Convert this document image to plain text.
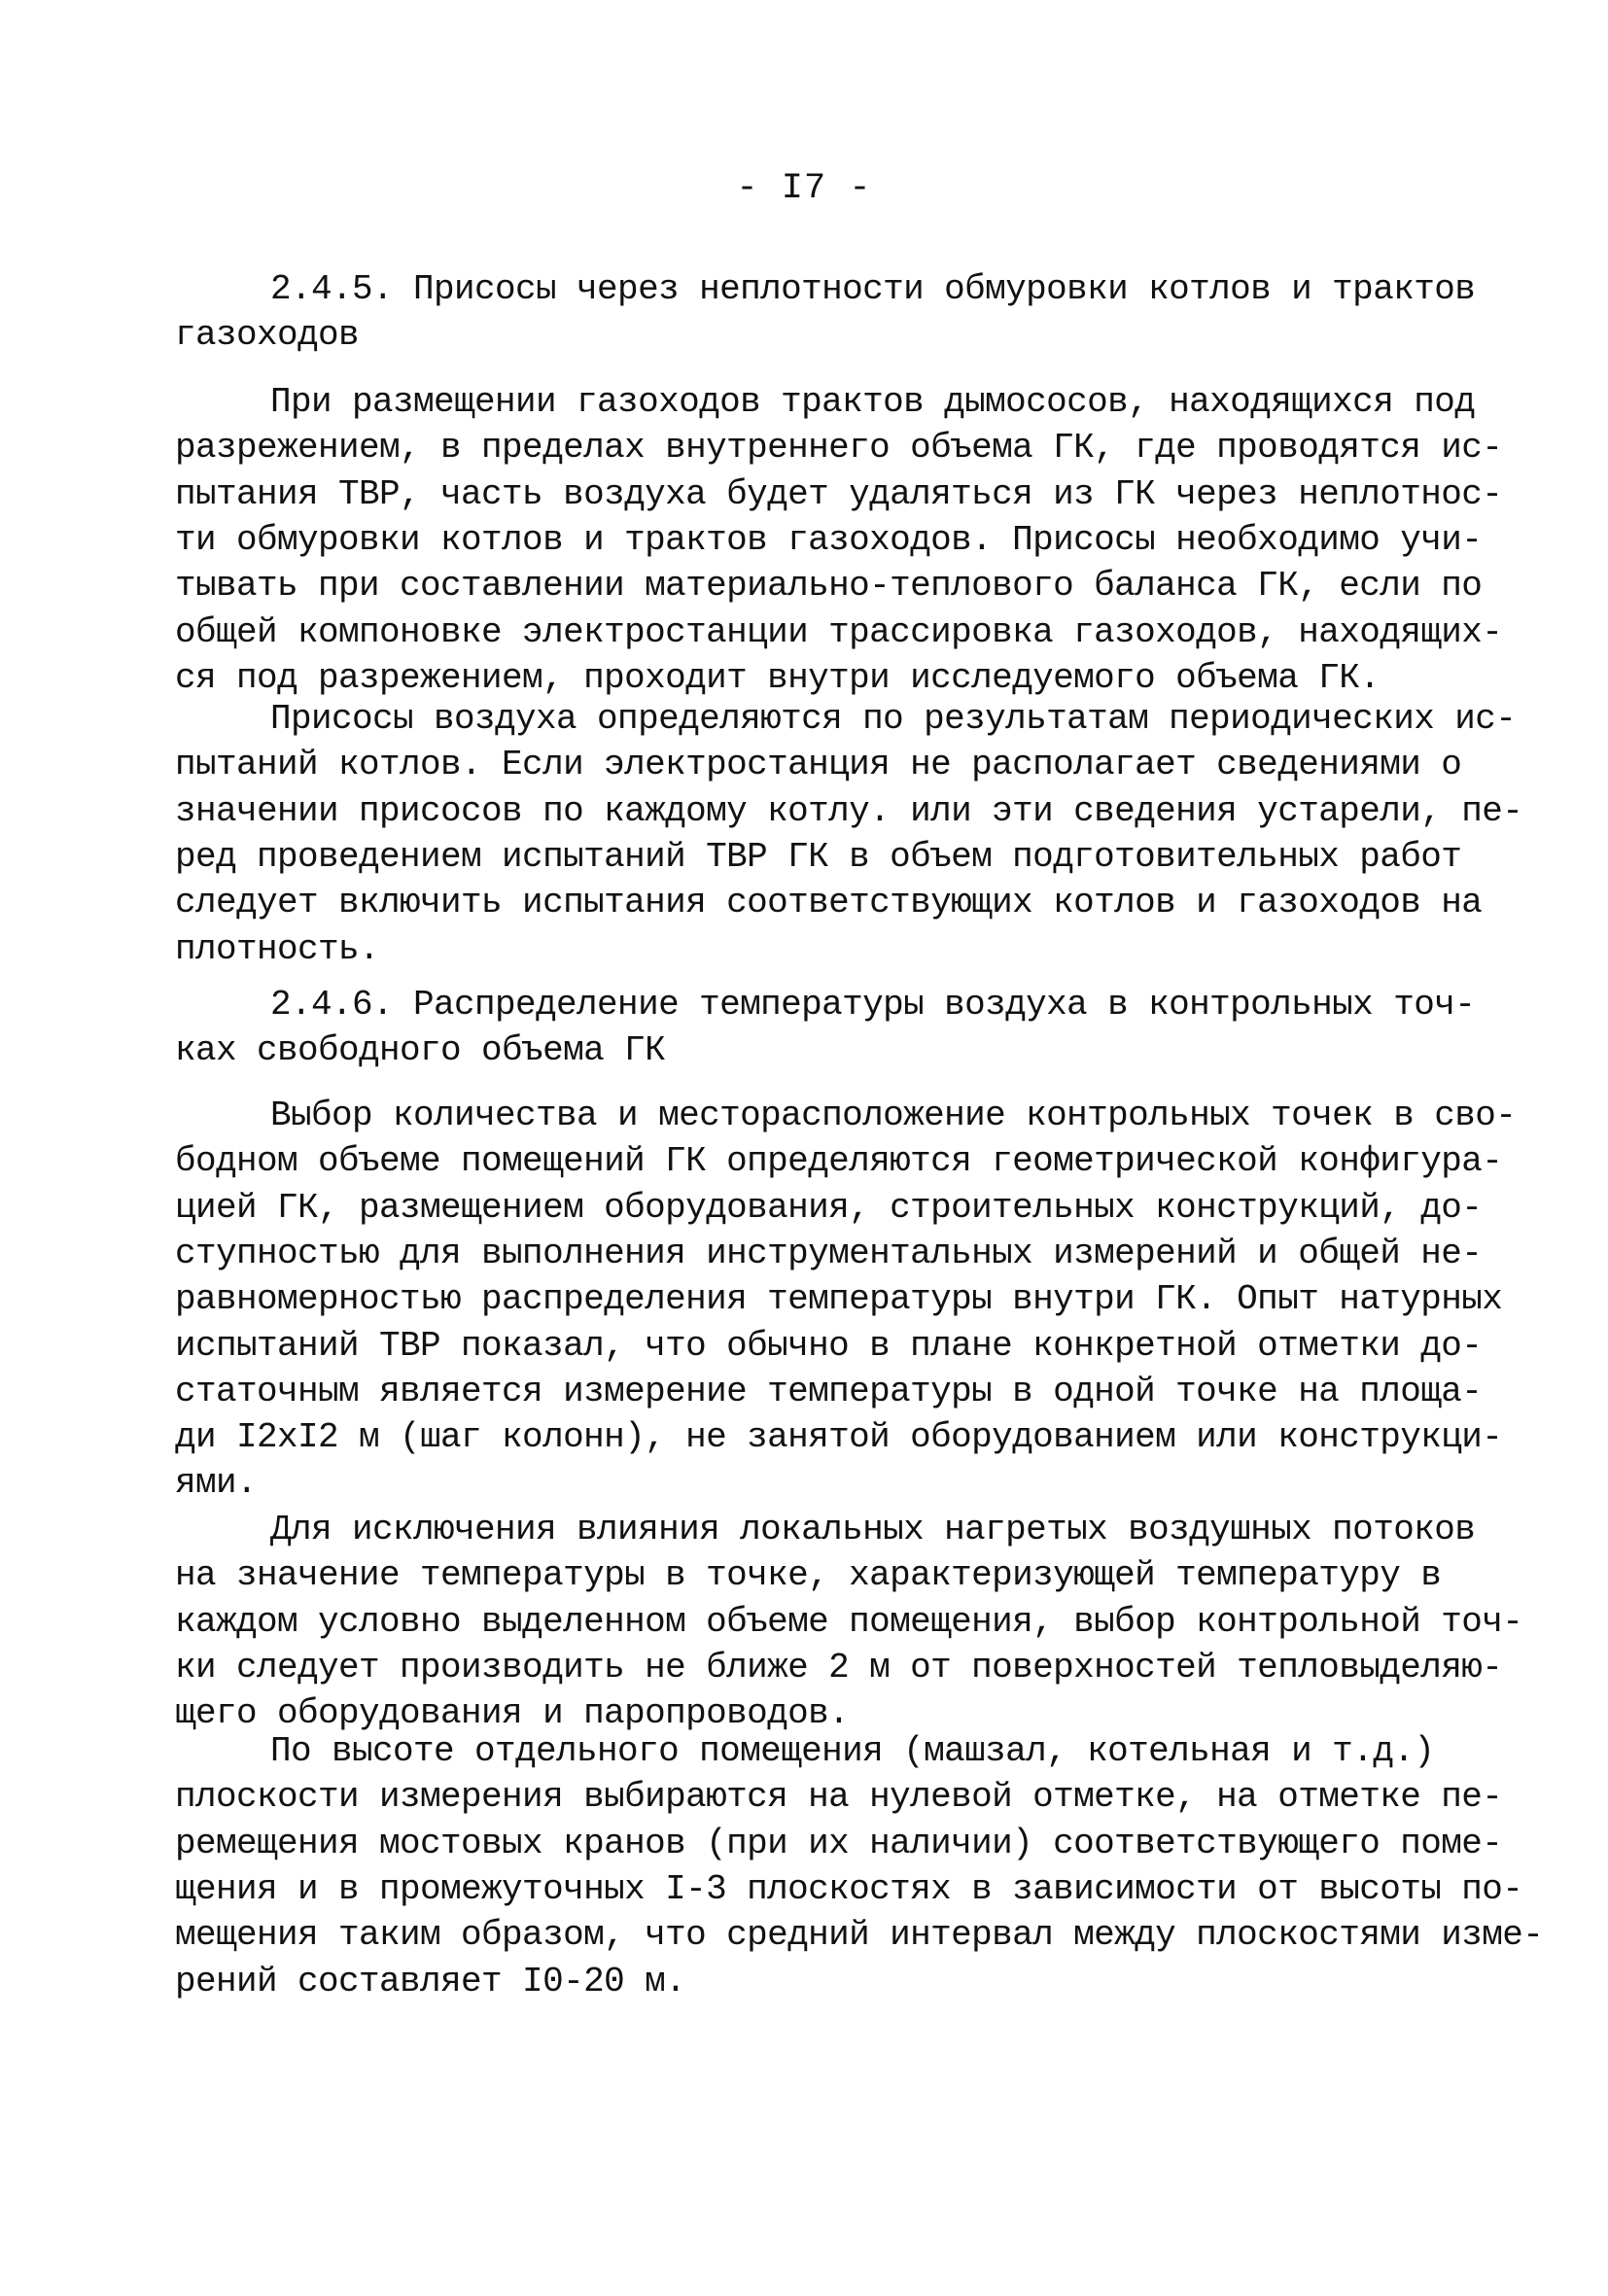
- I7 -
2.4.5. Присосы через неплотности обмуровки котлов и трактов
газоходов
При размещении газоходов трактов дымососов, находящихся под
разрежением, в пределах внутреннего объема ГК, где проводятся ис-
пытания ТВР, часть воздуха будет удаляться из ГК через неплотнос-
ти обмуровки котлов и трактов газоходов. Присосы необходимо учи-
тывать при составлении материально-теплового баланса ГК, если по
общей компоновке электростанции трассировка газоходов, находящих-
ся под разрежением, проходит внутри исследуемого объема ГК.
Присосы воздуха определяются по результатам периодических ис-
пытаний котлов. Если электростанция не располагает сведениями о
значении присосов по каждому котлу. или эти сведения устарели, пе-
ред проведением испытаний ТВР ГК в объем подготовительных работ
следует включить испытания соответствующих котлов и газоходов на
плотность.
2.4.6. Распределение температуры воздуха в контрольных точ-
ках свободного объема ГК
Выбор количества и месторасположение контрольных точек в сво-
бодном объеме помещений ГК определяются геометрической конфигура-
цией ГК, размещением оборудования, строительных конструкций, до-
ступностью для выполнения инструментальных измерений и общей не-
равномерностью распределения температуры внутри ГК. Опыт натурных
испытаний ТВР показал, что обычно в плане конкретной отметки до-
статочным является измерение температуры в одной точке на площа-
ди I2xI2 м (шаг колонн), не занятой оборудованием или конструкци-
ями.
Для исключения влияния локальных нагретых воздушных потоков
на значение температуры в точке, характеризующей температуру в
каждом условно выделенном объеме помещения, выбор контрольной точ-
ки следует производить не ближе 2 м от поверхностей тепловыделяю-
щего оборудования и паропроводов.
По высоте отдельного помещения (машзал, котельная и т.д.)
плоскости измерения выбираются на нулевой отметке, на отметке пе-
ремещения мостовых кранов (при их наличии) соответствующего поме-
щения и в промежуточных I-3 плоскостях в зависимости от высоты по-
мещения таким образом, что средний интервал между плоскостями изме-
рений составляет I0-20 м.
